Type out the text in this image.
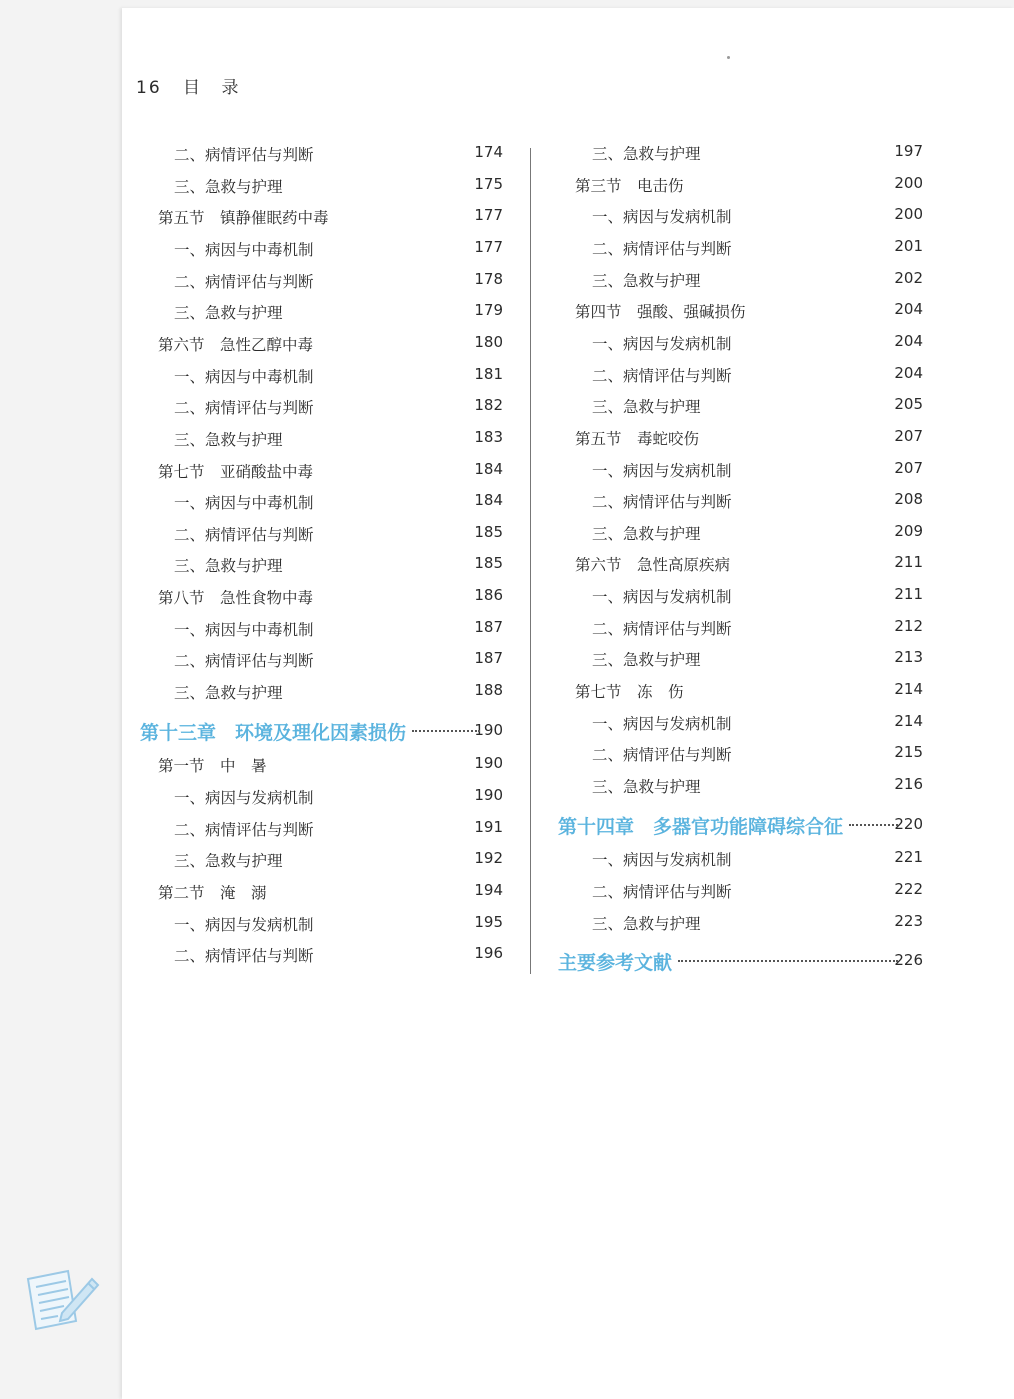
16 目 录
二、病情评估与判断	174
三、急救与护理	175
第五节　镇静催眠药中毒	177
一、病因与中毒机制	177
二、病情评估与判断	178
三、急救与护理	179
第六节　急性乙醇中毒	180
一、病因与中毒机制	181
二、病情评估与判断	182
三、急救与护理	183
第七节　亚硝酸盐中毒	184
一、病因与中毒机制	184
二、病情评估与判断	185
三、急救与护理	185
第八节　急性食物中毒	186
一、病因与中毒机制	187
二、病情评估与判断	187
三、急救与护理	188
第十三章　环境及理化因素损伤	190
第一节　中　暑	190
一、病因与发病机制	190
二、病情评估与判断	191
三、急救与护理	192
第二节　淹　溺	194
一、病因与发病机制	195
二、病情评估与判断	196
三、急救与护理	197
第三节　电击伤	200
一、病因与发病机制	200
二、病情评估与判断	201
三、急救与护理	202
第四节　强酸、强碱损伤	204
一、病因与发病机制	204
二、病情评估与判断	204
三、急救与护理	205
第五节　毒蛇咬伤	207
一、病因与发病机制	207
二、病情评估与判断	208
三、急救与护理	209
第六节　急性高原疾病	211
一、病因与发病机制	211
二、病情评估与判断	212
三、急救与护理	213
第七节　冻　伤	214
一、病因与发病机制	214
二、病情评估与判断	215
三、急救与护理	216
第十四章　多器官功能障碍综合征	220
一、病因与发病机制	221
二、病情评估与判断	222
三、急救与护理	223
主要参考文献	226
